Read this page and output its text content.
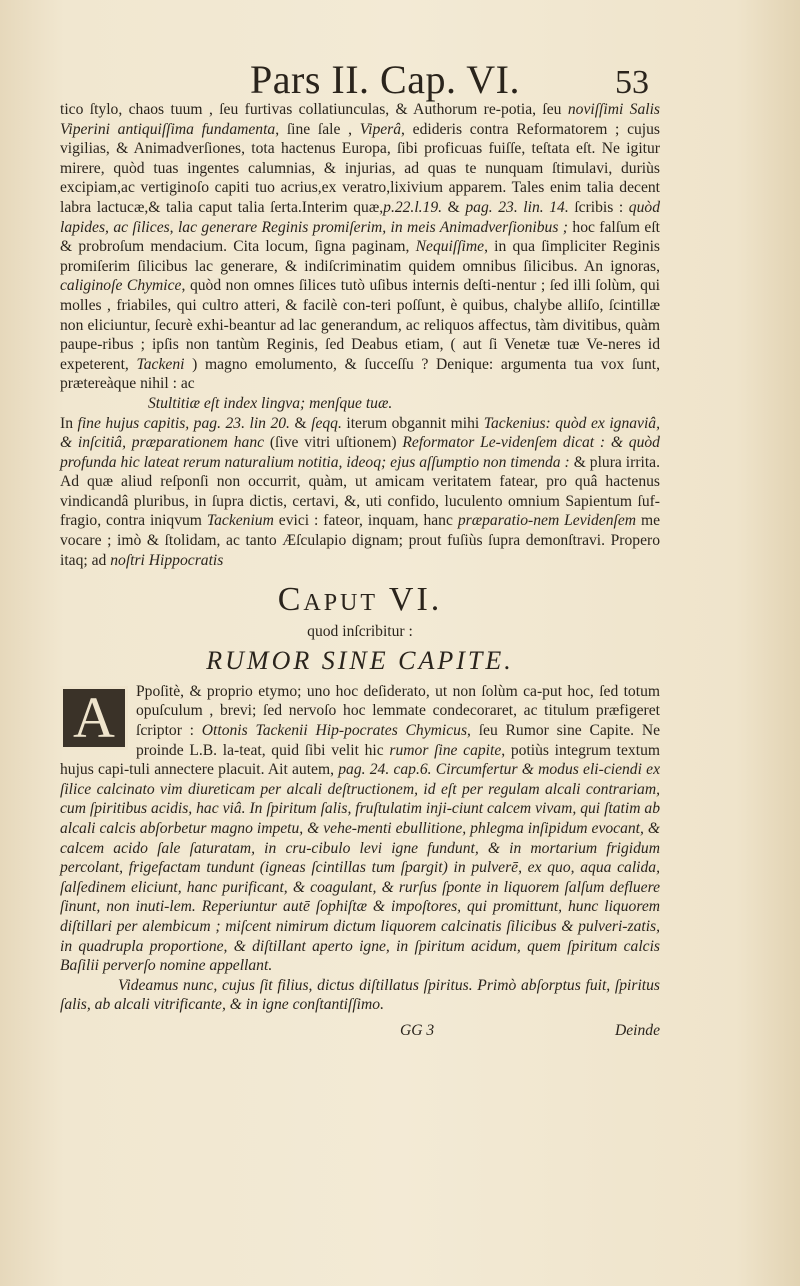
Pars II. Cap. VI.	53

tico ſtylo, chaos tuum , ſeu furtivas collatiunculas, & Authorum re-potia, ſeu noviſſimi Salis Viperini antiquiſſima fundamenta, ſine ſale , Viperâ, edideris contra Reformatorem ; cujus vigilias, & Animadverſiones, tota hactenus Europa, ſibi proficuas fuiſſe, teſtata eſt. Ne igitur mirere, quòd tuas ingentes calumnias, & injurias, ad quas te nunquam ſtimulavi, duriùs excipiam,ac vertiginoſo capiti tuo acrius,ex veratro,lixivium apparem. Tales enim talia decent labra lactucæ,& talia caput talia ſerta.Interim quæ,p.22.l.19. & pag. 23. lin. 14. ſcribis : quòd lapides, ac ſilices, lac generare Reginis promiſerim, in meis Animadverſionibus ; hoc falſum eſt & probroſum mendacium. Cita locum, ſigna paginam, Nequiſſime, in qua ſimpliciter Reginis promiſerim ſilicibus lac generare, & indiſcriminatim quidem omnibus ſilicibus. An ignoras, caliginoſe Chymice, quòd non omnes ſilices tutò uſibus internis deſti-nentur ; ſed illi ſolùm, qui molles , friabiles, qui cultro atteri, & facilè con-teri poſſunt, è quibus, chalybe alliſo, ſcintillæ non eliciuntur, ſecurè exhi-beantur ad lac generandum, ac reliquos affectus, tàm divitibus, quàm paupe-ribus ; ipſis non tantùm Reginis, ſed Deabus etiam, ( aut ſi Venetæ tuæ Ve-neres id expeterent, Tackeni ) magno emolumento, & ſucceſſu ? Denique: argumenta tua vox ſunt, prætereàque nihil : ac

Stultitiæ eſt index lingva; menſque tuæ.

In fine hujus capitis, pag. 23. lin 20. & ſeqq. iterum obgannit mihi Tackenius: quòd ex ignaviâ, & inſcitiâ, præparationem hanc (ſive vitri uſtionem) Reformator Le-videnſem dicat : & quòd profunda hic lateat rerum naturalium notitia, ideoq; ejus aſſumptio non timenda : & plura irrita. Ad quæ aliud reſponſi non occurrit, quàm, ut amicam veritatem fatear, pro quâ hactenus vindicandâ pluribus, in ſupra dictis, certavi, &, uti confido, luculento omnium Sapientum ſuf-fragio, contra iniqvum Tackenium evici : fateor, inquam, hanc præparatio-nem Levidenſem me vocare ; imò & ſtolidam, ac tanto Æſculapio dignam; prout fuſiùs ſupra demonſtravi. Propero itaq; ad noſtri Hippocratis

Caput VI.
quod inſcribitur :
RUMOR SINE CAPITE.
A	Ppoſitè, & proprio etymo; uno hoc deſiderato, ut non ſolùm ca-put hoc, ſed totum opuſculum , brevi; ſed nervoſo hoc lemmate condecoraret, ac titulum præfigeret ſcriptor : Ottonis Tackenii Hip-pocrates Chymicus, ſeu Rumor sine Capite. Ne proinde L.B. la-teat, quid ſibi velit hic rumor ſine capite, potiùs integrum textum hujus capi-tuli annectere placuit. Ait autem, pag. 24. cap.6. Circumfertur & modus eli-ciendi ex ſilice calcinato vim diureticam per alcali deſtructionem, id eſt per regulam alcali contrariam, cum ſpiritibus acidis, hac viâ. In ſpiritum ſalis, fruſtulatim inji-ciunt calcem vivam, qui ſtatim ab alcali calcis abſorbetur magno impetu, & vehe-menti ebullitione, phlegma inſipidum evocant, & calcem acido ſale ſaturatam, in cru-cibulo levi igne fundunt, & in mortarium frigidum percolant, frigefactam tundunt (igneas ſcintillas tum ſpargit) in pulverē, ex quo, aqua calida, ſalſedinem eliciunt, hanc purificant, & coagulant, & rurſus ſponte in liquorem ſalſum defluere ſinunt, non inuti-lem. Reperiuntur autē ſophiſtæ & impoſtores, qui promittunt, hunc liquorem diſtillari per alembicum ; miſcent nimirum dictum liquorem calcinatis ſilicibus & pulveri-zatis, in quadrupla proportione, & diſtillant aperto igne, in ſpiritum acidum, quem ſpiritum calcis Baſilii perverſo nomine appellant.

Videamus nunc, cujus ſit filius, dictus diſtillatus ſpiritus. Primò abſorptus fuit, ſpiritus ſalis, ab alcali vitrificante, & in igne conſtantiſſimo.

GG 3	Deinde
